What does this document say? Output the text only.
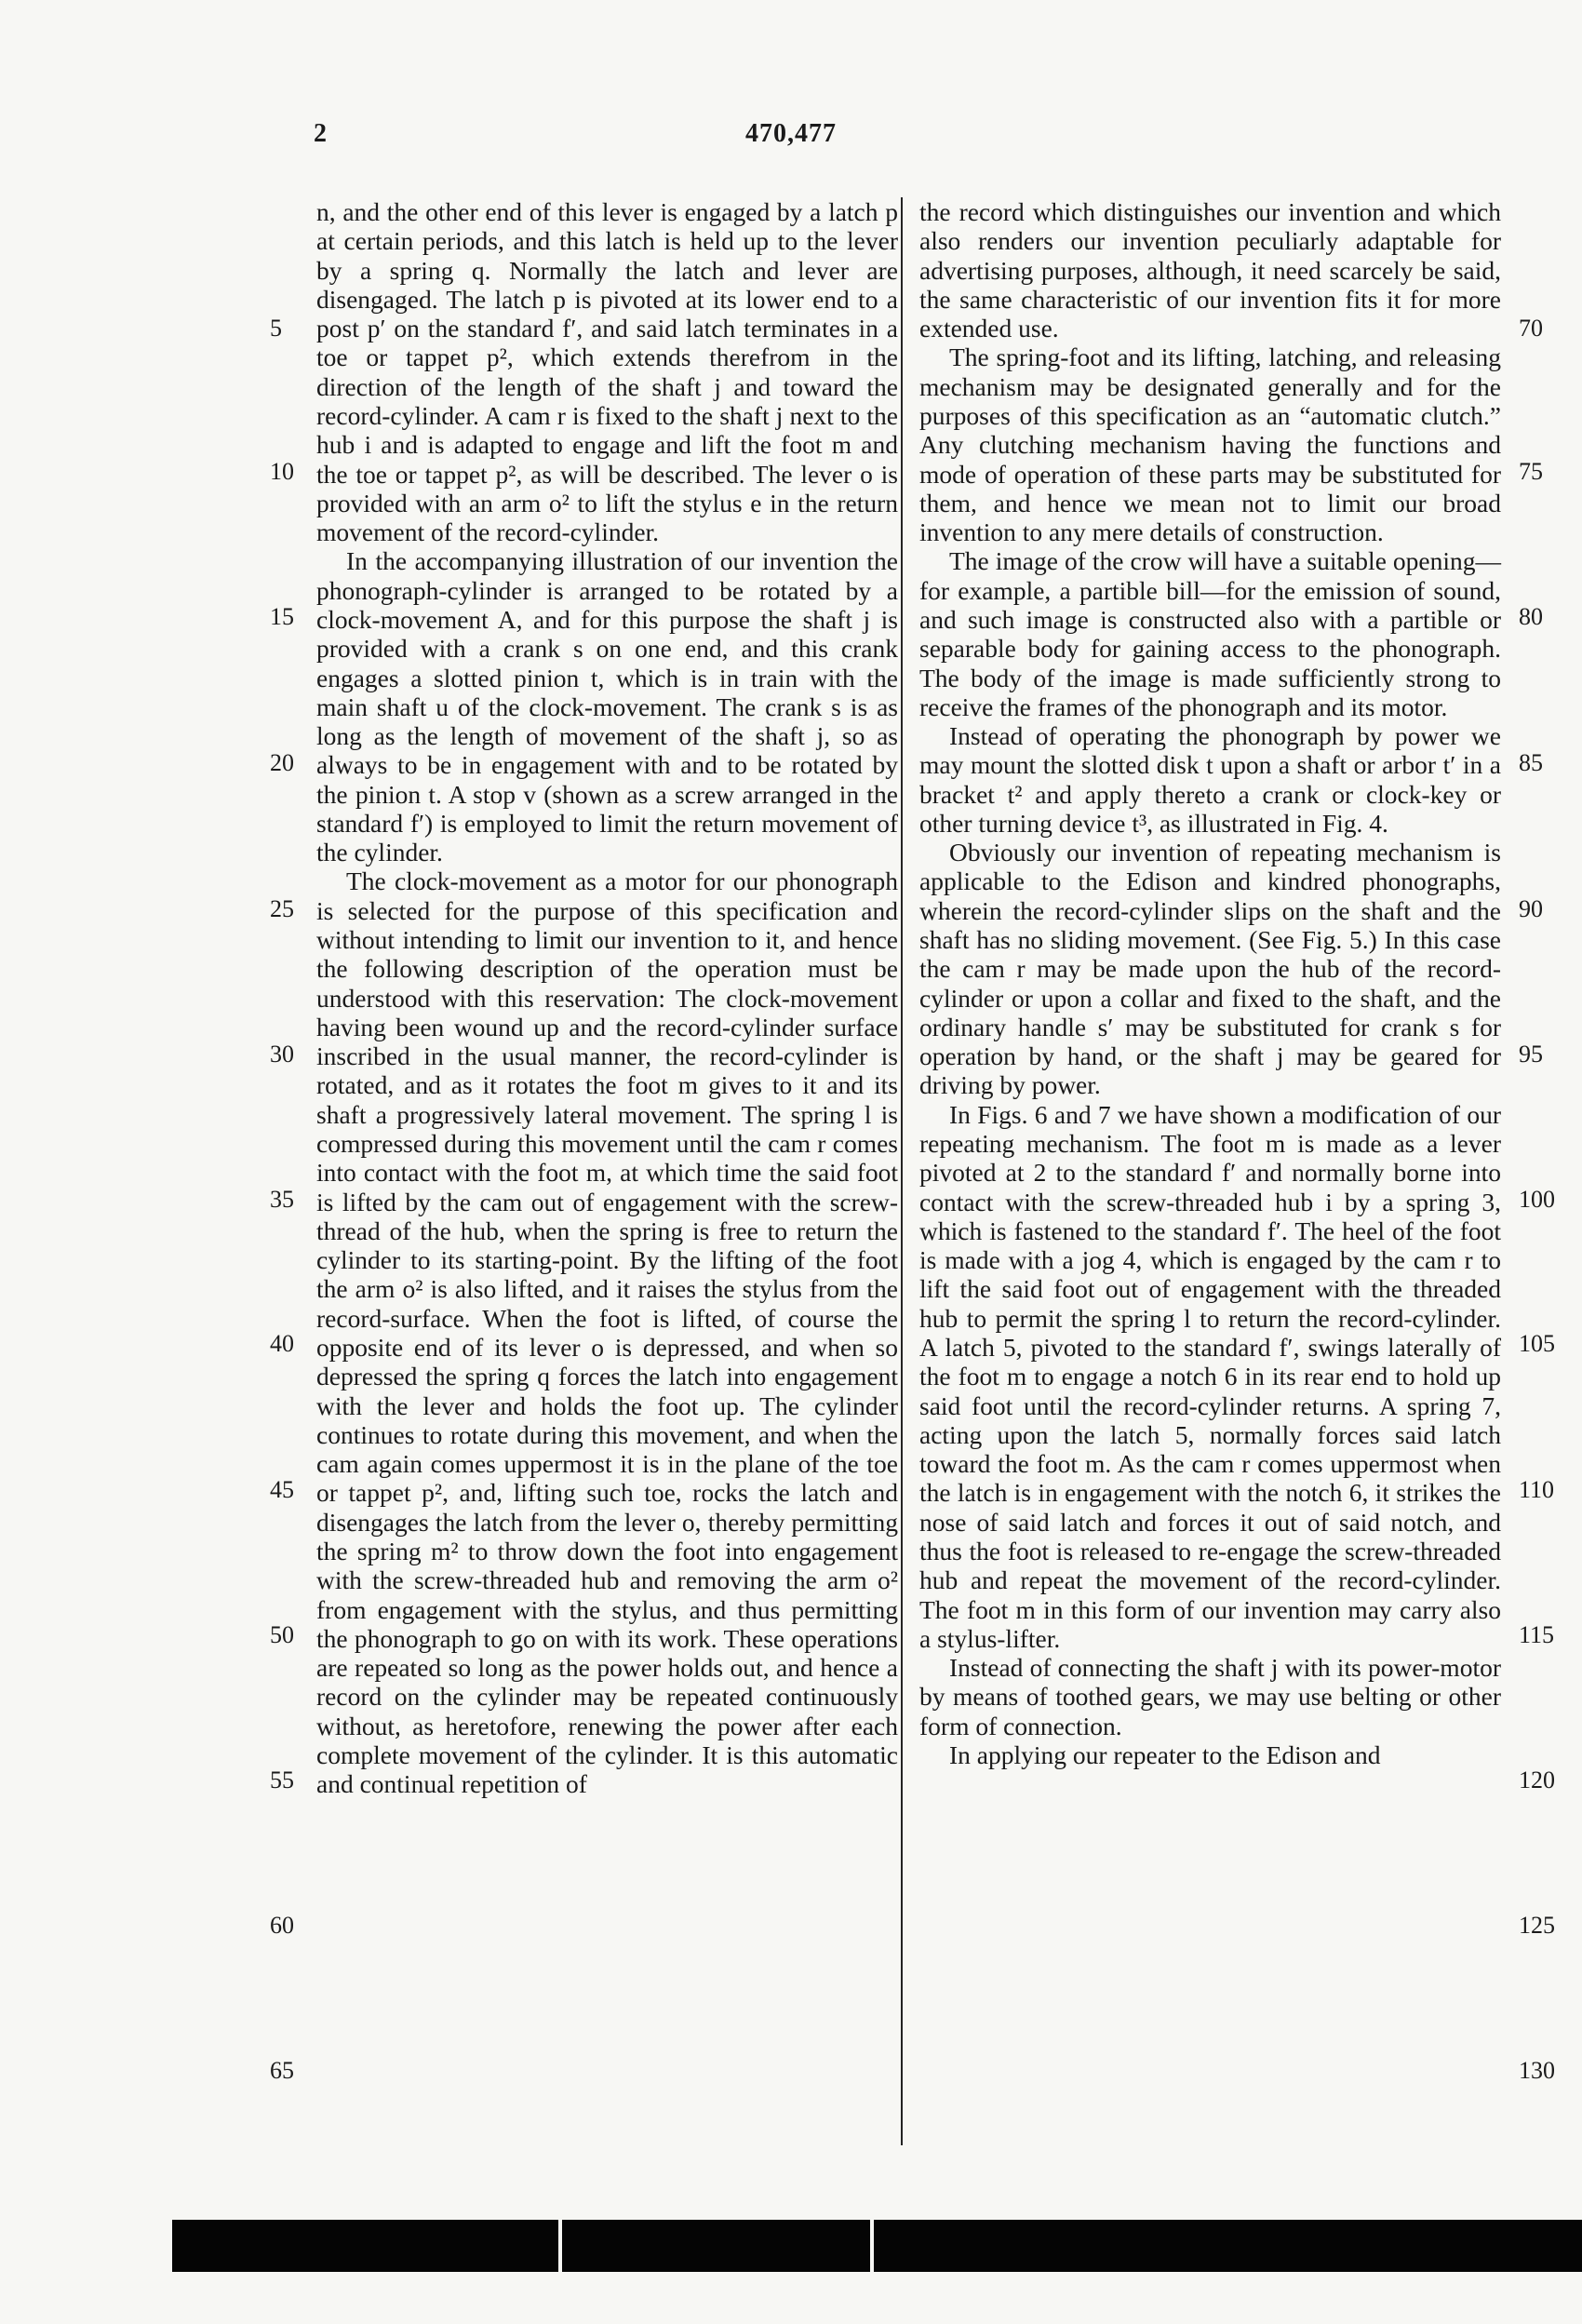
2	470,477

n, and the other end of this lever is engaged by a latch p at certain periods, and this latch is held up to the lever by a spring q. Normally the latch and lever are disengaged. The latch p is pivoted at its lower end to a post p′ on the standard f′, and said latch terminates in a toe or tappet p², which extends therefrom in the direction of the length of the shaft j and toward the record-cylinder. A cam r is fixed to the shaft j next to the hub i and is adapted to engage and lift the foot m and the toe or tappet p², as will be described. The lever o is provided with an arm o² to lift the stylus e in the return movement of the record-cylinder.

In the accompanying illustration of our invention the phonograph-cylinder is arranged to be rotated by a clock-movement A, and for this purpose the shaft j is provided with a crank s on one end, and this crank engages a slotted pinion t, which is in train with the main shaft u of the clock-movement. The crank s is as long as the length of movement of the shaft j, so as always to be in engagement with and to be rotated by the pinion t. A stop v (shown as a screw arranged in the standard f′) is employed to limit the return movement of the cylinder.

The clock-movement as a motor for our phonograph is selected for the purpose of this specification and without intending to limit our invention to it, and hence the following description of the operation must be understood with this reservation: The clock-movement having been wound up and the record-cylinder surface inscribed in the usual manner, the record-cylinder is rotated, and as it rotates the foot m gives to it and its shaft a progressively lateral movement. The spring l is compressed during this movement until the cam r comes into contact with the foot m, at which time the said foot is lifted by the cam out of engagement with the screw-thread of the hub, when the spring is free to return the cylinder to its starting-point. By the lifting of the foot the arm o² is also lifted, and it raises the stylus from the record-surface. When the foot is lifted, of course the opposite end of its lever o is depressed, and when so depressed the spring q forces the latch into engagement with the lever and holds the foot up. The cylinder continues to rotate during this movement, and when the cam again comes uppermost it is in the plane of the toe or tappet p², and, lifting such toe, rocks the latch and disengages the latch from the lever o, thereby permitting the spring m² to throw down the foot into engagement with the screw-threaded hub and removing the arm o² from engagement with the stylus, and thus permitting the phonograph to go on with its work. These operations are repeated so long as the power holds out, and hence a record on the cylinder may be repeated continuously without, as heretofore, renewing the power after each complete movement of the cylinder. It is this automatic and continual repetition of

the record which distinguishes our invention and which also renders our invention peculiarly adaptable for advertising purposes, although, it need scarcely be said, the same characteristic of our invention fits it for more extended use.

The spring-foot and its lifting, latching, and releasing mechanism may be designated generally and for the purposes of this specification as an “automatic clutch.” Any clutching mechanism having the functions and mode of operation of these parts may be substituted for them, and hence we mean not to limit our broad invention to any mere details of construction.

The image of the crow will have a suitable opening—for example, a partible bill—for the emission of sound, and such image is constructed also with a partible or separable body for gaining access to the phonograph. The body of the image is made sufficiently strong to receive the frames of the phonograph and its motor.

Instead of operating the phonograph by power we may mount the slotted disk t upon a shaft or arbor t′ in a bracket t² and apply thereto a crank or clock-key or other turning device t³, as illustrated in Fig. 4.

Obviously our invention of repeating mechanism is applicable to the Edison and kindred phonographs, wherein the record-cylinder slips on the shaft and the shaft has no sliding movement. (See Fig. 5.) In this case the cam r may be made upon the hub of the record-cylinder or upon a collar and fixed to the shaft, and the ordinary handle s′ may be substituted for crank s for operation by hand, or the shaft j may be geared for driving by power.

In Figs. 6 and 7 we have shown a modification of our repeating mechanism. The foot m is made as a lever pivoted at 2 to the standard f′ and normally borne into contact with the screw-threaded hub i by a spring 3, which is fastened to the standard f′. The heel of the foot is made with a jog 4, which is engaged by the cam r to lift the said foot out of engagement with the threaded hub to permit the spring l to return the record-cylinder. A latch 5, pivoted to the standard f′, swings laterally of the foot m to engage a notch 6 in its rear end to hold up said foot until the record-cylinder returns. A spring 7, acting upon the latch 5, normally forces said latch toward the foot m. As the cam r comes uppermost when the latch is in engagement with the notch 6, it strikes the nose of said latch and forces it out of said notch, and thus the foot is released to re-engage the screw-threaded hub and repeat the movement of the record-cylinder. The foot m in this form of our invention may carry also a stylus-lifter.

Instead of connecting the shaft j with its power-motor by means of toothed gears, we may use belting or other form of connection.

In applying our repeater to the Edison and

5
10
15
20
25
30
35
40
45
50
55
60
65
70
75
80
85
90
95
100
105
110
115
120
125
130
